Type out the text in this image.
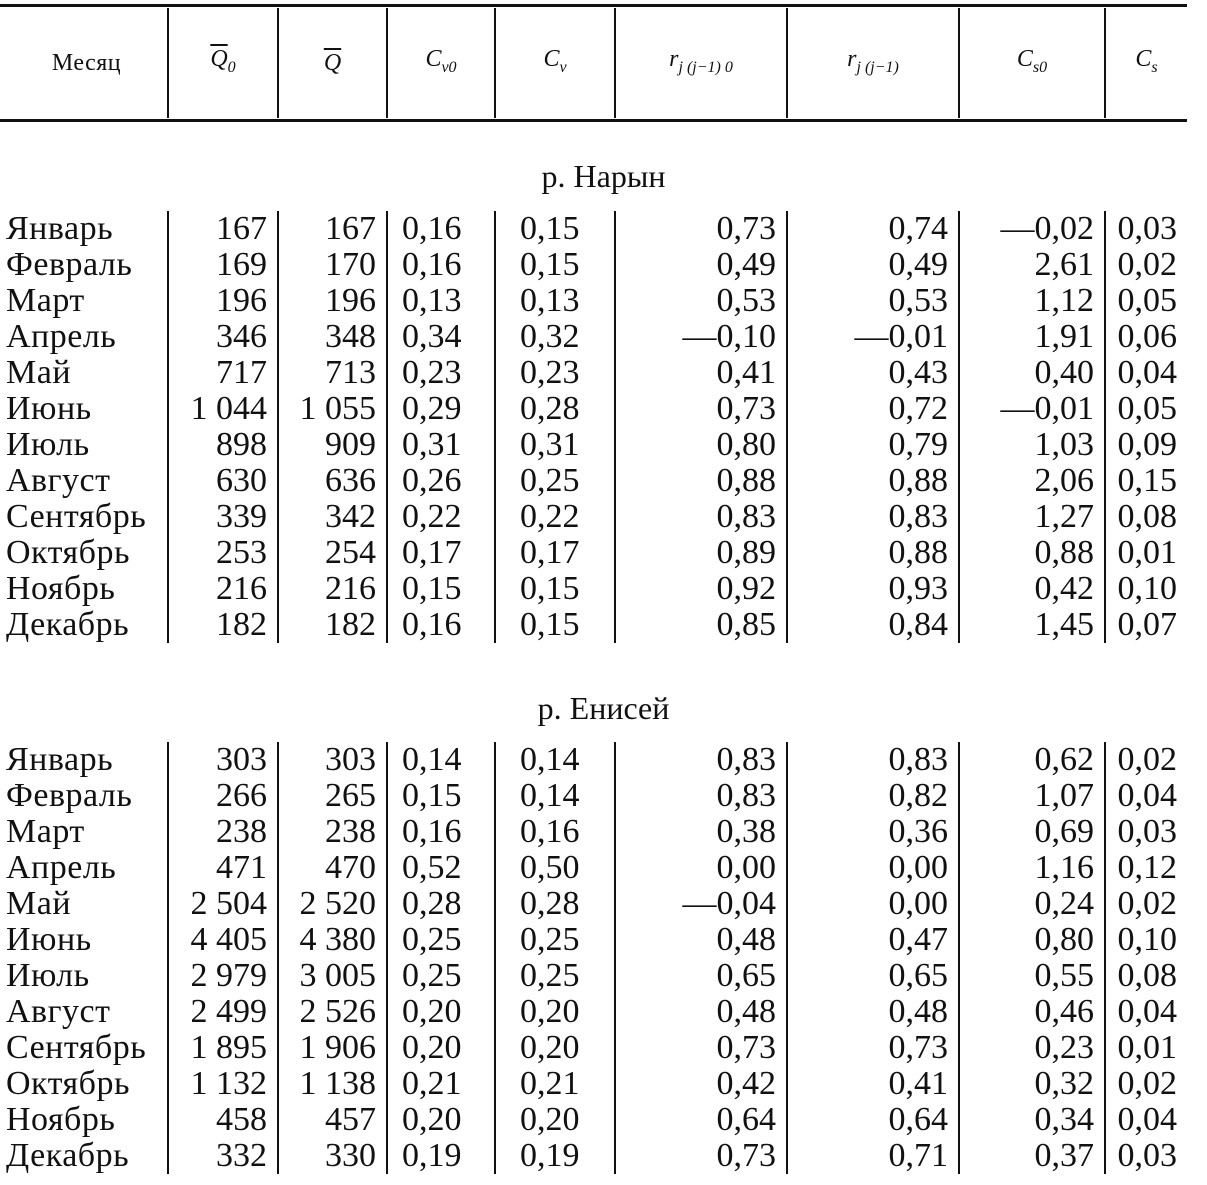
Месяц	$\overline{Q}_0$	$\overline{Q}$	$C_{v0}$	$C_v$	$r_{j (j-1) 0}$	$r_{j (j-1)}$	$C_{s0}$	$C_s$
р. Нарын
Январь	167	167	0,16	0,15	0,73	0,74	—0,02	0,03
Февраль	169	170	0,16	0,15	0,49	0,49	2,61	0,02
Март	196	196	0,13	0,13	0,53	0,53	1,12	0,05
Апрель	346	348	0,34	0,32	—0,10	—0,01	1,91	0,06
Май	717	713	0,23	0,23	0,41	0,43	0,40	0,04
Июнь	1 044	1 055	0,29	0,28	0,73	0,72	—0,01	0,05
Июль	898	909	0,31	0,31	0,80	0,79	1,03	0,09
Август	630	636	0,26	0,25	0,88	0,88	2,06	0,15
Сентябрь	339	342	0,22	0,22	0,83	0,83	1,27	0,08
Октябрь	253	254	0,17	0,17	0,89	0,88	0,88	0,01
Ноябрь	216	216	0,15	0,15	0,92	0,93	0,42	0,10
Декабрь	182	182	0,16	0,15	0,85	0,84	1,45	0,07
р. Енисей
Январь	303	303	0,14	0,14	0,83	0,83	0,62	0,02
Февраль	266	265	0,15	0,14	0,83	0,82	1,07	0,04
Март	238	238	0,16	0,16	0,38	0,36	0,69	0,03
Апрель	471	470	0,52	0,50	0,00	0,00	1,16	0,12
Май	2 504	2 520	0,28	0,28	—0,04	0,00	0,24	0,02
Июнь	4 405	4 380	0,25	0,25	0,48	0,47	0,80	0,10
Июль	2 979	3 005	0,25	0,25	0,65	0,65	0,55	0,08
Август	2 499	2 526	0,20	0,20	0,48	0,48	0,46	0,04
Сентябрь	1 895	1 906	0,20	0,20	0,73	0,73	0,23	0,01
Октябрь	1 132	1 138	0,21	0,21	0,42	0,41	0,32	0,02
Ноябрь	458	457	0,20	0,20	0,64	0,64	0,34	0,04
Декабрь	332	330	0,19	0,19	0,73	0,71	0,37	0,03
